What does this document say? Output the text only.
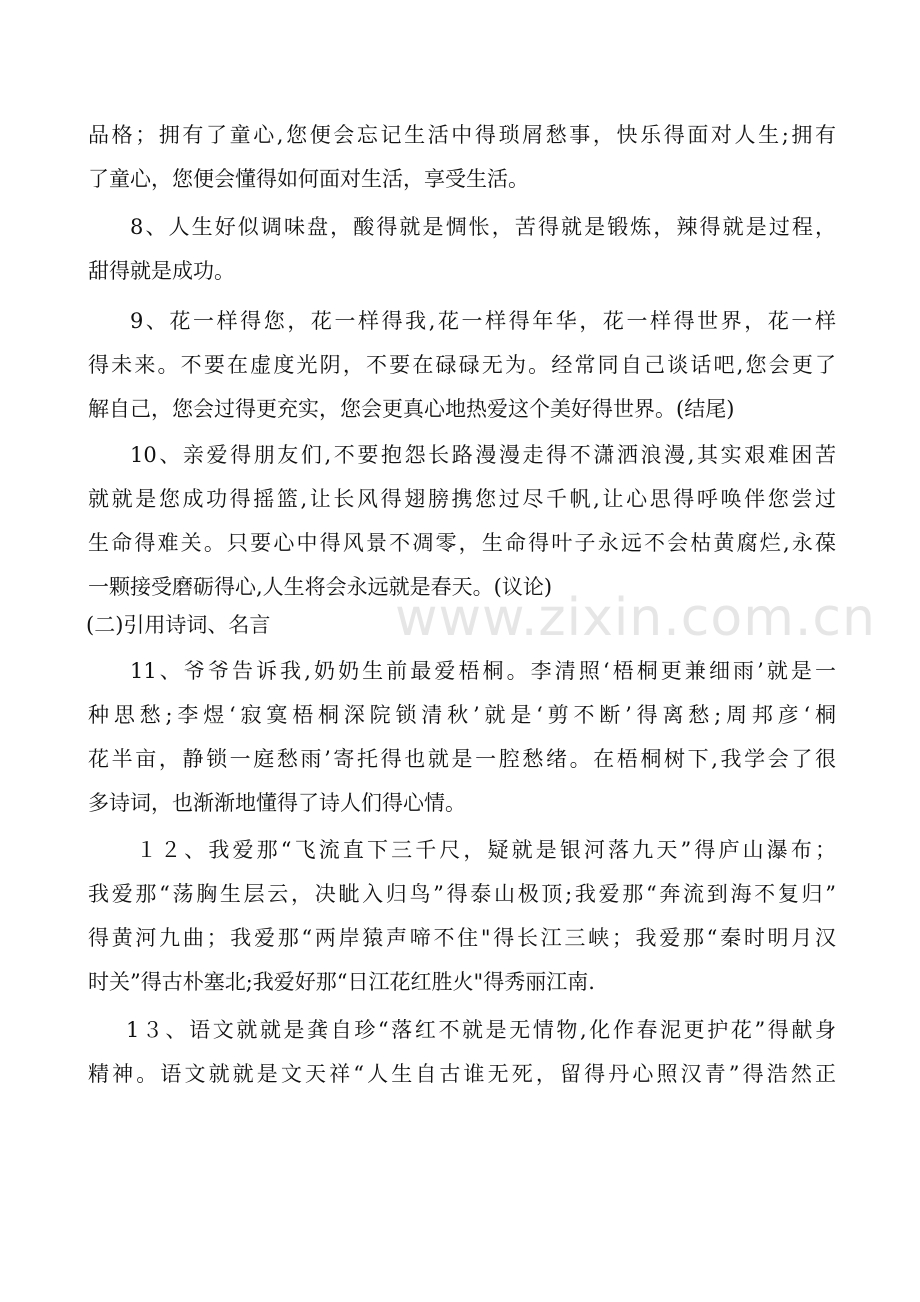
www.zixin.com.cn
品格；拥有了童心,您便会忘记生活中得琐屑愁事，快乐得面对人生;拥有
了童心，您便会懂得如何面对生活，享受生活。
8、人生好似调味盘，酸得就是惆怅，苦得就是锻炼，辣得就是过程，
甜得就是成功。
9、花一样得您，花一样得我,花一样得年华，花一样得世界，花一样
得未来。不要在虚度光阴，不要在碌碌无为。经常同自己谈话吧,您会更了
解自己，您会过得更充实，您会更真心地热爱这个美好得世界。(结尾)
10、亲爱得朋友们,不要抱怨长路漫漫走得不潇洒浪漫,其实艰难困苦
就就是您成功得摇篮,让长风得翅膀携您过尽千帆,让心思得呼唤伴您尝过
生命得难关。只要心中得风景不凋零，生命得叶子永远不会枯黄腐烂,永葆
一颗接受磨砺得心,人生将会永远就是春天。(议论)
(二)引用诗词、名言
11、爷爷告诉我,奶奶生前最爱梧桐。李清照‘梧桐更兼细雨’就是一
种思愁;李煜‘寂寞梧桐深院锁清秋’就是‘剪不断’得离愁;周邦彦‘桐
花半亩，静锁一庭愁雨’寄托得也就是一腔愁绪。在梧桐树下,我学会了很
多诗词，也渐渐地懂得了诗人们得心情。
１２、我爱那“飞流直下三千尺，疑就是银河落九天”得庐山瀑布；
我爱那“荡胸生层云，决眦入归鸟”得泰山极顶;我爱那“奔流到海不复归”
得黄河九曲；我爱那“两岸猿声啼不住"得长江三峡；我爱那“秦时明月汉
时关”得古朴塞北;我爱好那“日江花红胜火"得秀丽江南.
1３、语文就就是龚自珍“落红不就是无情物,化作春泥更护花”得献身
精神。语文就就是文天祥“人生自古谁无死，留得丹心照汉青”得浩然正
